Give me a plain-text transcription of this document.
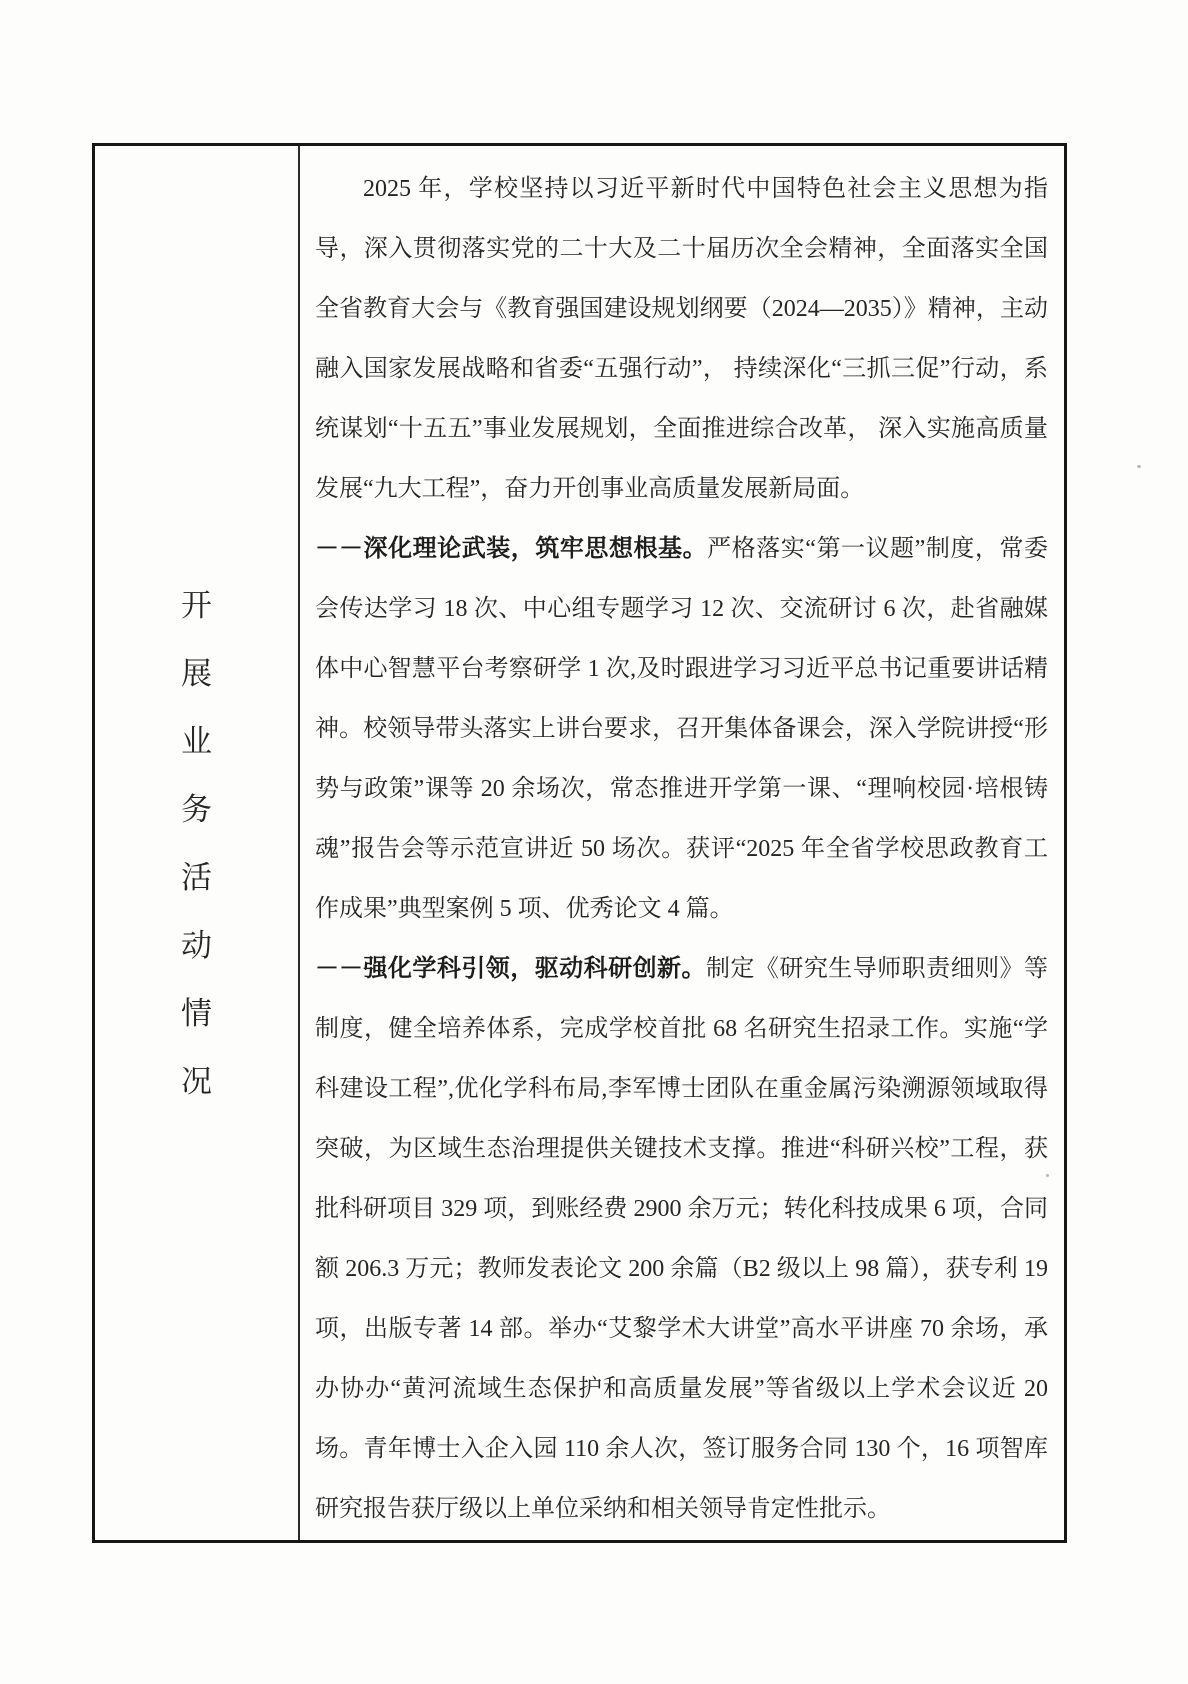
开
展
业
务
活
动
情
况

2025 年，学校坚持以习近平新时代中国特色社会主义思想为指导，深入贯彻落实党的二十大及二十届历次全会精神，全面落实全国全省教育大会与《教育强国建设规划纲要（2024—2035）》精神，主动融入国家发展战略和省委“五强行动”， 持续深化“三抓三促”行动，系统谋划“十五五”事业发展规划，全面推进综合改革， 深入实施高质量发展“九大工程”，奋力开创事业高质量发展新局面。

－－深化理论武装，筑牢思想根基。严格落实“第一议题”制度，常委会传达学习 18 次、中心组专题学习 12 次、交流研讨 6 次，赴省融媒体中心智慧平台考察研学 1 次,及时跟进学习习近平总书记重要讲话精神。校领导带头落实上讲台要求，召开集体备课会，深入学院讲授“形势与政策”课等 20 余场次，常态推进开学第一课、“理响校园·培根铸魂”报告会等示范宣讲近 50 场次。获评“2025 年全省学校思政教育工作成果”典型案例 5 项、优秀论文 4 篇。

－－强化学科引领，驱动科研创新。制定《研究生导师职责细则》等制度，健全培养体系，完成学校首批 68 名研究生招录工作。实施“学科建设工程”,优化学科布局,李军博士团队在重金属污染溯源领域取得突破，为区域生态治理提供关键技术支撑。推进“科研兴校”工程，获批科研项目 329 项，到账经费 2900 余万元；转化科技成果 6 项，合同额 206.3 万元；教师发表论文 200 余篇（B2 级以上 98 篇），获专利 19 项，出版专著 14 部。举办“艾黎学术大讲堂”高水平讲座 70 余场，承办协办“黄河流域生态保护和高质量发展”等省级以上学术会议近 20 场。青年博士入企入园 110 余人次，签订服务合同 130 个，16 项智库研究报告获厅级以上单位采纳和相关领导肯定性批示。
